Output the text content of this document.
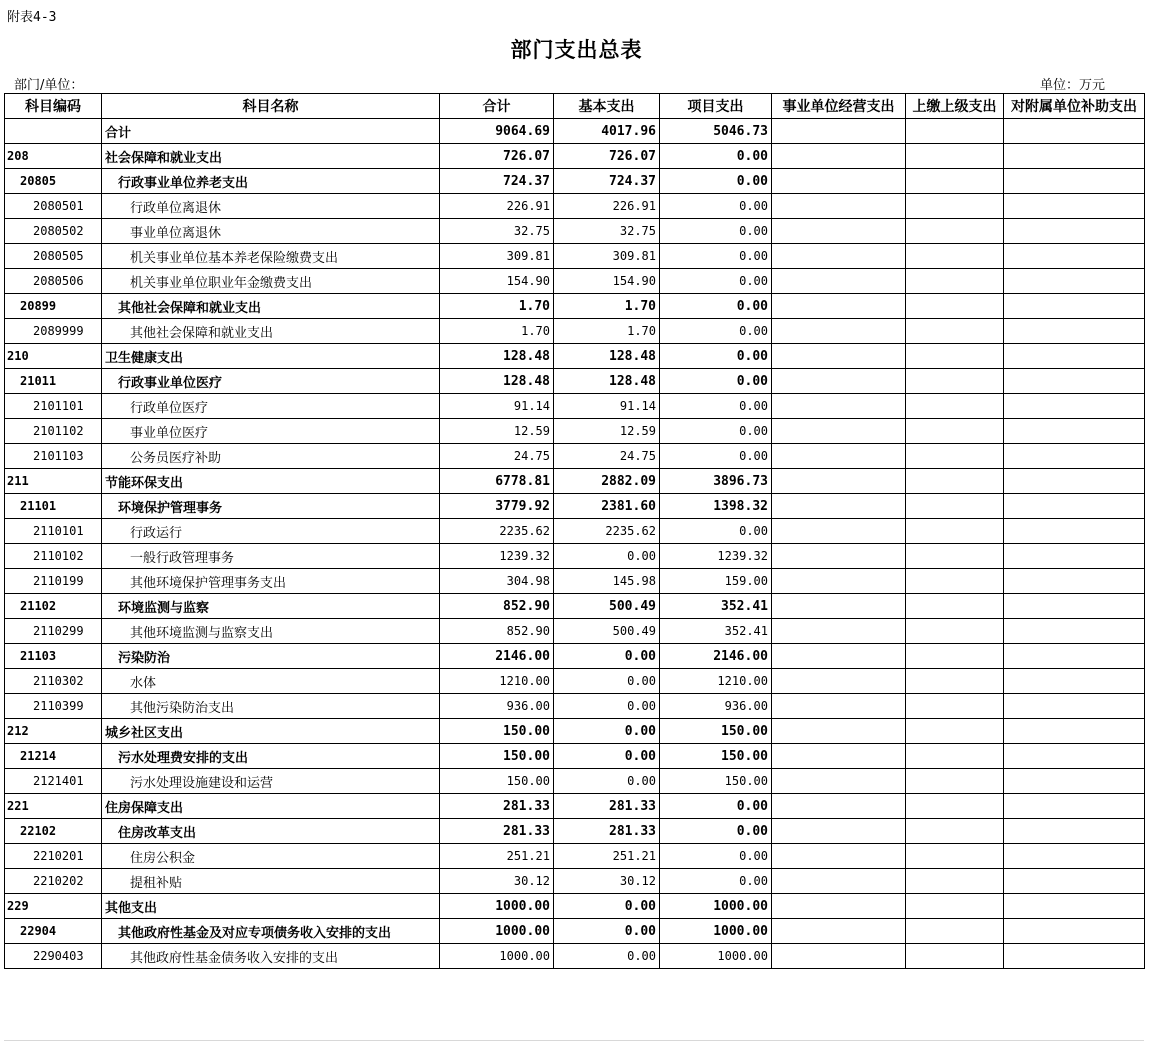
附表4-3
部门支出总表
部门/单位：	单位：万元
科目编码	科目名称	合计	基本支出	项目支出	事业单位经营支出	上缴上级支出	对附属单位补助支出
	合计	9064.69	4017.96	5046.73			
208	社会保障和就业支出	726.07	726.07	0.00			
20805	行政事业单位养老支出	724.37	724.37	0.00			
2080501	行政单位离退休	226.91	226.91	0.00			
2080502	事业单位离退休	32.75	32.75	0.00			
2080505	机关事业单位基本养老保险缴费支出	309.81	309.81	0.00			
2080506	机关事业单位职业年金缴费支出	154.90	154.90	0.00			
20899	其他社会保障和就业支出	1.70	1.70	0.00			
2089999	其他社会保障和就业支出	1.70	1.70	0.00			
210	卫生健康支出	128.48	128.48	0.00			
21011	行政事业单位医疗	128.48	128.48	0.00			
2101101	行政单位医疗	91.14	91.14	0.00			
2101102	事业单位医疗	12.59	12.59	0.00			
2101103	公务员医疗补助	24.75	24.75	0.00			
211	节能环保支出	6778.81	2882.09	3896.73			
21101	环境保护管理事务	3779.92	2381.60	1398.32			
2110101	行政运行	2235.62	2235.62	0.00			
2110102	一般行政管理事务	1239.32	0.00	1239.32			
2110199	其他环境保护管理事务支出	304.98	145.98	159.00			
21102	环境监测与监察	852.90	500.49	352.41			
2110299	其他环境监测与监察支出	852.90	500.49	352.41			
21103	污染防治	2146.00	0.00	2146.00			
2110302	水体	1210.00	0.00	1210.00			
2110399	其他污染防治支出	936.00	0.00	936.00			
212	城乡社区支出	150.00	0.00	150.00			
21214	污水处理费安排的支出	150.00	0.00	150.00			
2121401	污水处理设施建设和运营	150.00	0.00	150.00			
221	住房保障支出	281.33	281.33	0.00			
22102	住房改革支出	281.33	281.33	0.00			
2210201	住房公积金	251.21	251.21	0.00			
2210202	提租补贴	30.12	30.12	0.00			
229	其他支出	1000.00	0.00	1000.00			
22904	其他政府性基金及对应专项债务收入安排的支出	1000.00	0.00	1000.00			
2290403	其他政府性基金债务收入安排的支出	1000.00	0.00	1000.00			
